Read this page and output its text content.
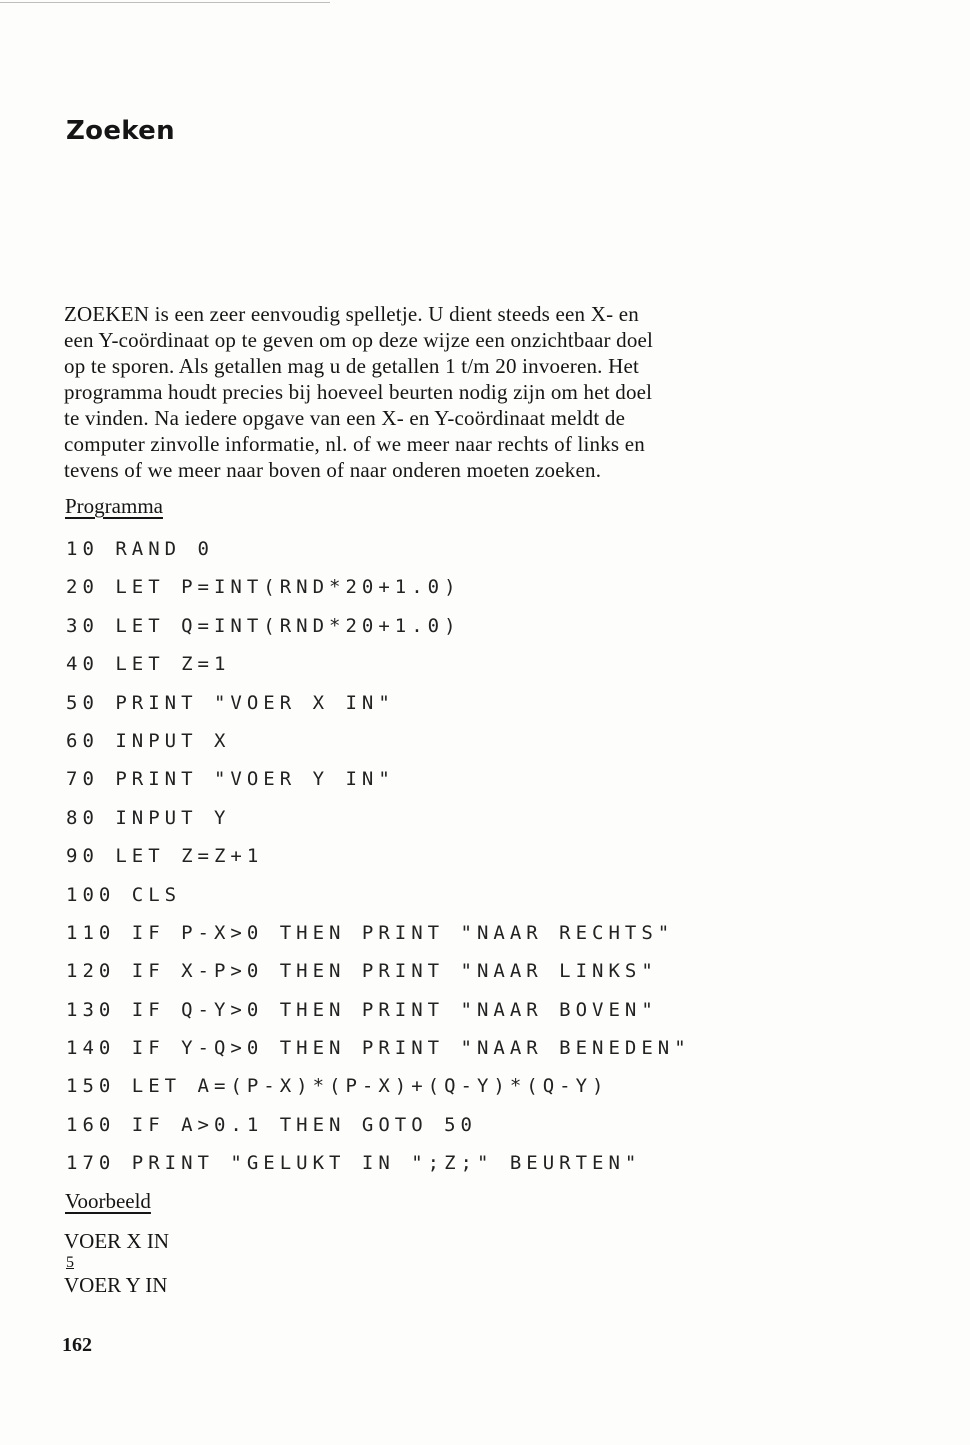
Zoeken
ZOEKEN is een zeer eenvoudig spelletje. U dient steeds een X- en
een Y-coördinaat op te geven om op deze wijze een onzichtbaar doel
op te sporen. Als getallen mag u de getallen 1 t/m 20 invoeren. Het
programma houdt precies bij hoeveel beurten nodig zijn om het doel
te vinden. Na iedere opgave van een X- en Y-coördinaat meldt de
computer zinvolle informatie, nl. of we meer naar rechts of links en
tevens of we meer naar boven of naar onderen moeten zoeken.
Programma
10 RAND 0
20 LET P=INT(RND*20+1.0)
30 LET Q=INT(RND*20+1.0)
40 LET Z=1
50 PRINT "VOER X IN"
60 INPUT X
70 PRINT "VOER Y IN"
80 INPUT Y
90 LET Z=Z+1
100 CLS
110 IF P-X>0 THEN PRINT "NAAR RECHTS"
120 IF X-P>0 THEN PRINT "NAAR LINKS"
130 IF Q-Y>0 THEN PRINT "NAAR BOVEN"
140 IF Y-Q>0 THEN PRINT "NAAR BENEDEN"
150 LET A=(P-X)*(P-X)+(Q-Y)*(Q-Y)
160 IF A>0.1 THEN GOTO 50
170 PRINT "GELUKT IN ";Z;" BEURTEN"
Voorbeeld
VOER X IN
5
VOER Y IN
162
